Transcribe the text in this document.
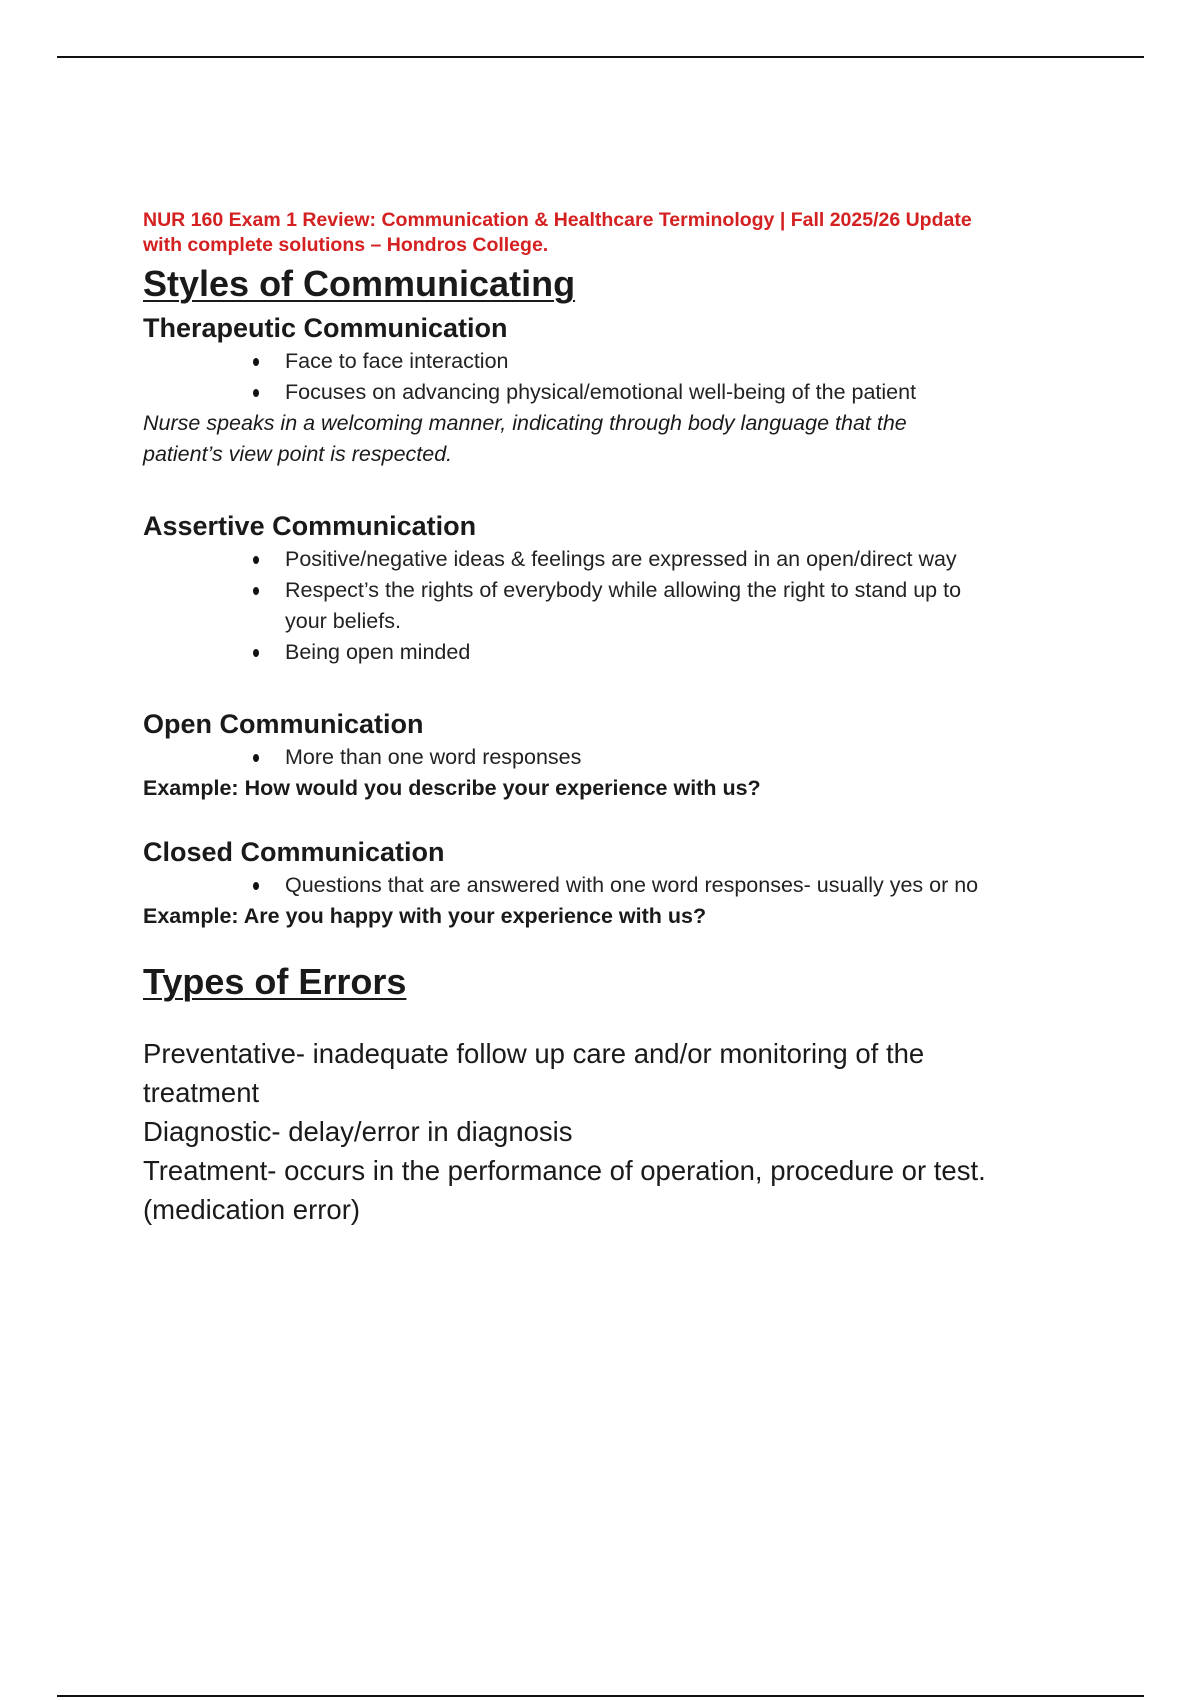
NUR 160 Exam 1 Review: Communication & Healthcare Terminology | Fall 2025/26 Update
with complete solutions – Hondros College.

Styles of Communicating
Therapeutic Communication
Face to face interaction
Focuses on advancing physical/emotional well-being of the patient

Nurse speaks in a welcoming manner, indicating through body language that the
patient’s view point is respected.

Assertive Communication
Positive/negative ideas & feelings are expressed in an open/direct way
Respect’s the rights of everybody while allowing the right to stand up to
your beliefs.
Being open minded
Open Communication
More than one word responses

Example: How would you describe your experience with us?

Closed Communication
Questions that are answered with one word responses- usually yes or no

Example: Are you happy with your experience with us?

Types of Errors

Preventative- inadequate follow up care and/or monitoring of the

treatment

Diagnostic- delay/error in diagnosis

Treatment- occurs in the performance of operation, procedure or test.

(medication error)
